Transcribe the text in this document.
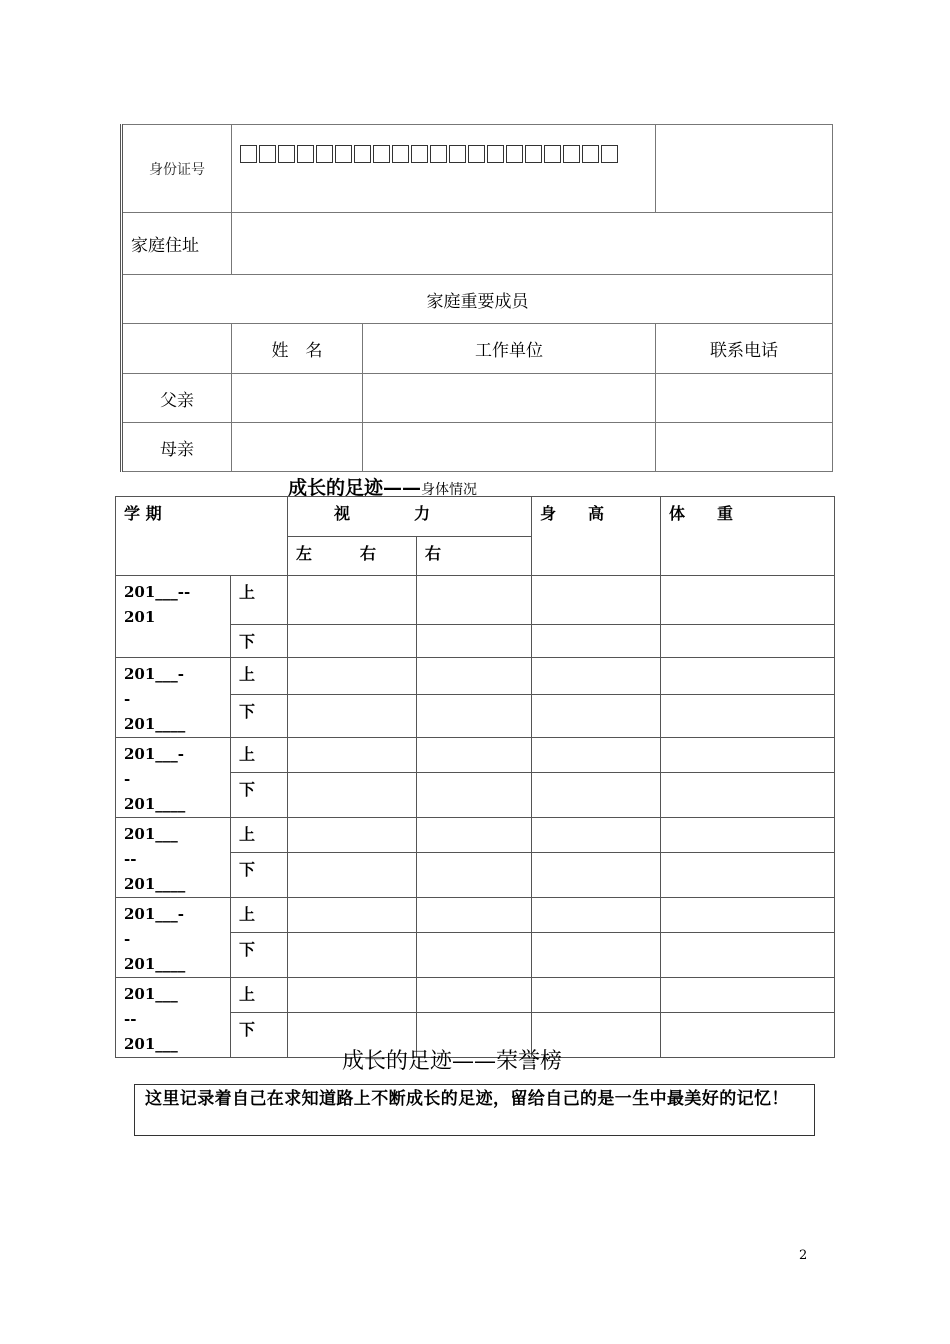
身份证号		

家庭住址			
家庭重要成员			
	姓　名	工作单位	联系电话
父亲			
母亲			
成长的足迹——身体情况
学 期		视　　　　力		身　　高	体　　重
		左　　　右	右		
201___--
201	上				
	下				
201___-
-
201____	上				
	下				
201___-
-
201____	上				
	下				
201___
--
201____	上				
	下				
201___-
-
201____	上				
	下				
201___
--
201___	上				
	下				
成长的足迹——荣誉榜
这里记录着自己在求知道路上不断成长的足迹，留给自己的是一生中最美好的记忆！
2
